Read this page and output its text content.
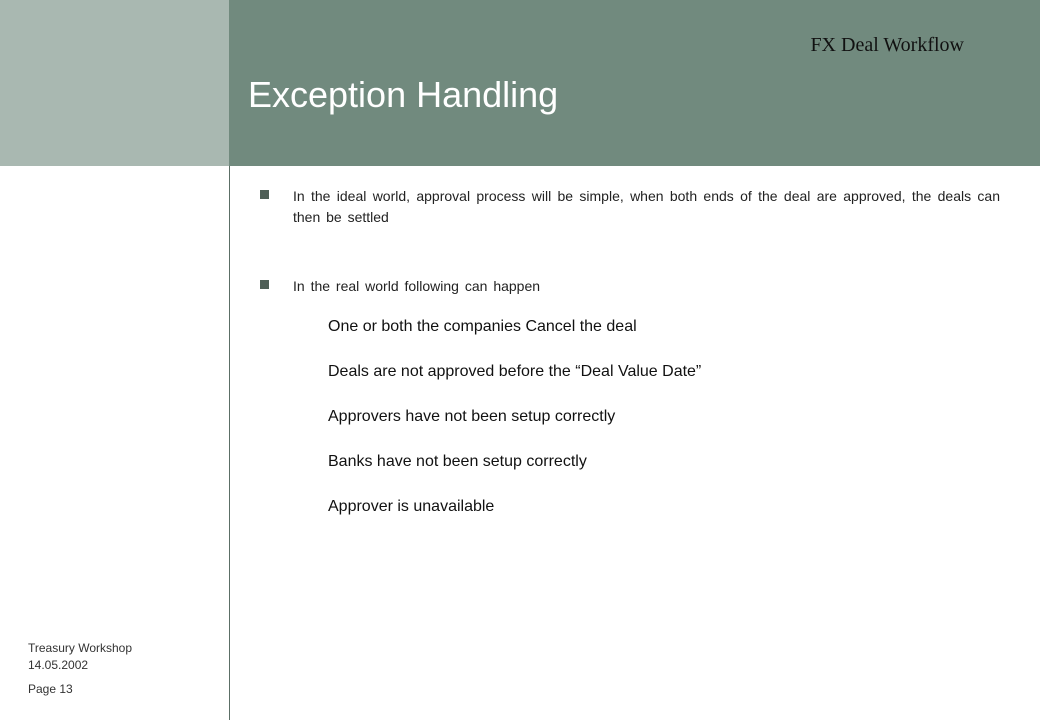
FX Deal Workflow
Exception Handling
In the ideal world, approval process will be simple, when both ends of the deal are approved, the deals can then be settled
In the real world following can happen
One or both the companies Cancel the deal
Deals are not approved before the “Deal Value Date”
Approvers have not been setup correctly
Banks have not been setup correctly
Approver is unavailable
Treasury Workshop
14.05.2002
Page 13
